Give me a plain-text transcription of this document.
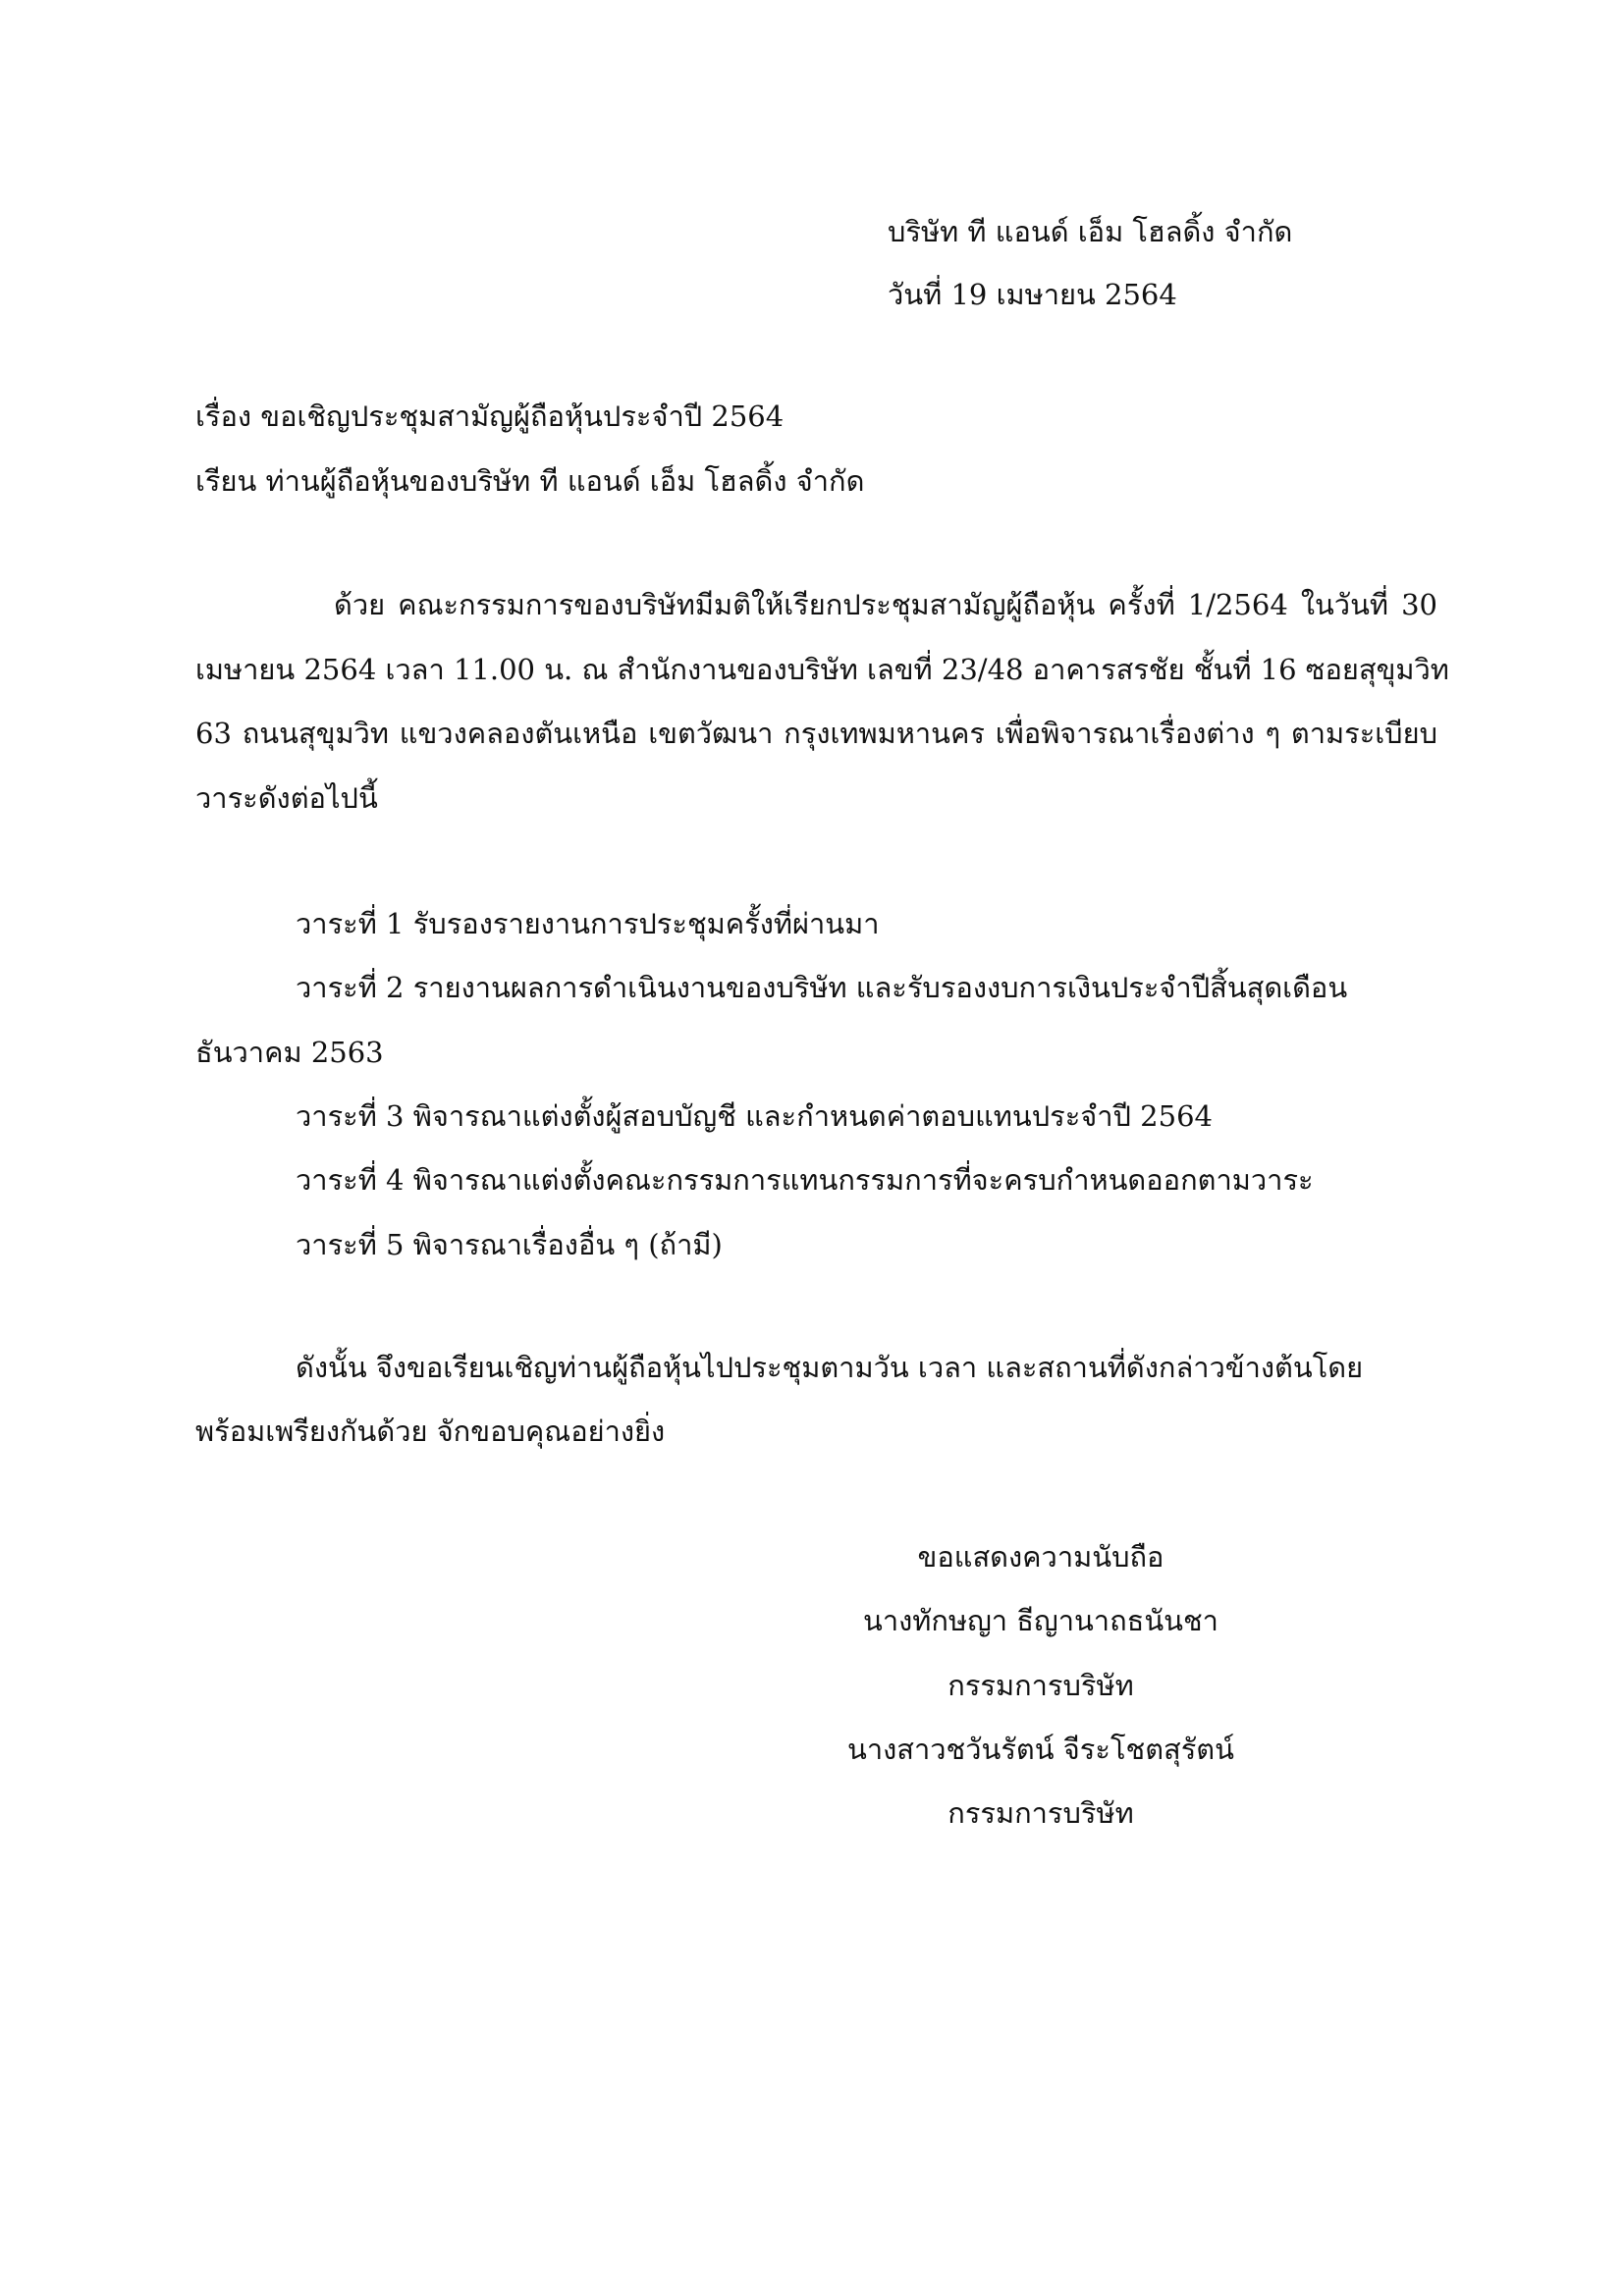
บริษัท ที แอนด์ เอ็ม โฮลดิ้ง จำกัด
วันที่ 19 เมษายน 2564
เรื่อง ขอเชิญประชุมสามัญผู้ถือหุ้นประจำปี 2564
เรียน ท่านผู้ถือหุ้นของบริษัท ที แอนด์ เอ็ม โฮลดิ้ง จำกัด
ด้วย คณะกรรมการของบริษัทมีมติให้เรียกประชุมสามัญผู้ถือหุ้น ครั้งที่ 1/2564 ในวันที่ 30
เมษายน 2564 เวลา 11.00 น. ณ สำนักงานของบริษัท เลขที่ 23/48 อาคารสรชัย ชั้นที่ 16 ซอยสุขุมวิท
63 ถนนสุขุมวิท แขวงคลองตันเหนือ เขตวัฒนา กรุงเทพมหานคร เพื่อพิจารณาเรื่องต่าง ๆ ตามระเบียบ
วาระดังต่อไปนี้
วาระที่ 1 รับรองรายงานการประชุมครั้งที่ผ่านมา
วาระที่ 2 รายงานผลการดำเนินงานของบริษัท และรับรองงบการเงินประจำปีสิ้นสุดเดือน
ธันวาคม 2563
วาระที่ 3 พิจารณาแต่งตั้งผู้สอบบัญชี และกำหนดค่าตอบแทนประจำปี 2564
วาระที่ 4 พิจารณาแต่งตั้งคณะกรรมการแทนกรรมการที่จะครบกำหนดออกตามวาระ
วาระที่ 5 พิจารณาเรื่องอื่น ๆ (ถ้ามี)
ดังนั้น จึงขอเรียนเชิญท่านผู้ถือหุ้นไปประชุมตามวัน เวลา และสถานที่ดังกล่าวข้างต้นโดย
พร้อมเพรียงกันด้วย จักขอบคุณอย่างยิ่ง
ขอแสดงความนับถือ
นางทักษญา ธีญานาถธนันชา
กรรมการบริษัท
นางสาวชวันรัตน์ จีระโชตสุรัตน์
กรรมการบริษัท
